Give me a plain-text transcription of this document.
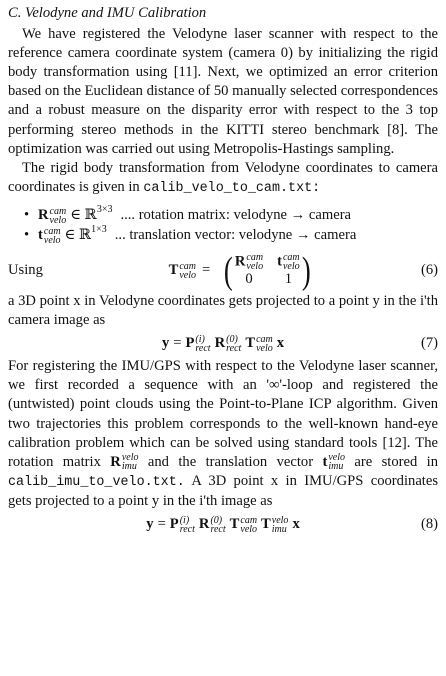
C. Velodyne and IMU Calibration

We have registered the Velodyne laser scanner with respect to the reference camera coordinate system (camera 0) by initializing the rigid body transformation using [11]. Next, we optimized an error criterion based on the Euclidean distance of 50 manually selected correspondences and a robust measure on the disparity error with respect to the 3 top performing stereo methods in the KITTI stereo benchmark [8]. The optimization was carried out using Metropolis-Hastings sampling.

The rigid body transformation from Velodyne coordinates to camera coordinates is given in calib_velo_to_cam.txt:

• R cam
velo ∈ ℝ 3×3 .... rotation matrix: velodyne → camera
• t cam
velo ∈ ℝ 1×3 ... translation vector: velodyne → camera
Using	T cam
velo = ( R cam
velo t cam
velo
0	1 )	(6)

a 3D point x in Velodyne coordinates gets projected to a point y in the i'th camera image as

y = P (i)
rect R (0)
rect T cam
velo x	(7)

For registering the IMU/GPS with respect to the Velodyne laser scanner, we first recorded a sequence with an '∞'-loop and registered the (untwisted) point clouds using the Point-to-Plane ICP algorithm. Given two trajectories this problem corresponds to the well-known hand-eye calibration problem which can be solved using standard tools [12]. The rotation matrix R velo
imu and the translation vector t velo
imu are stored in calib_imu_to_velo.txt. A 3D point x in IMU/GPS coordinates gets projected to a point y in the i'th image as

y = P (i)
rect R (0)
rect T cam
velo T velo
imu x	(8)
